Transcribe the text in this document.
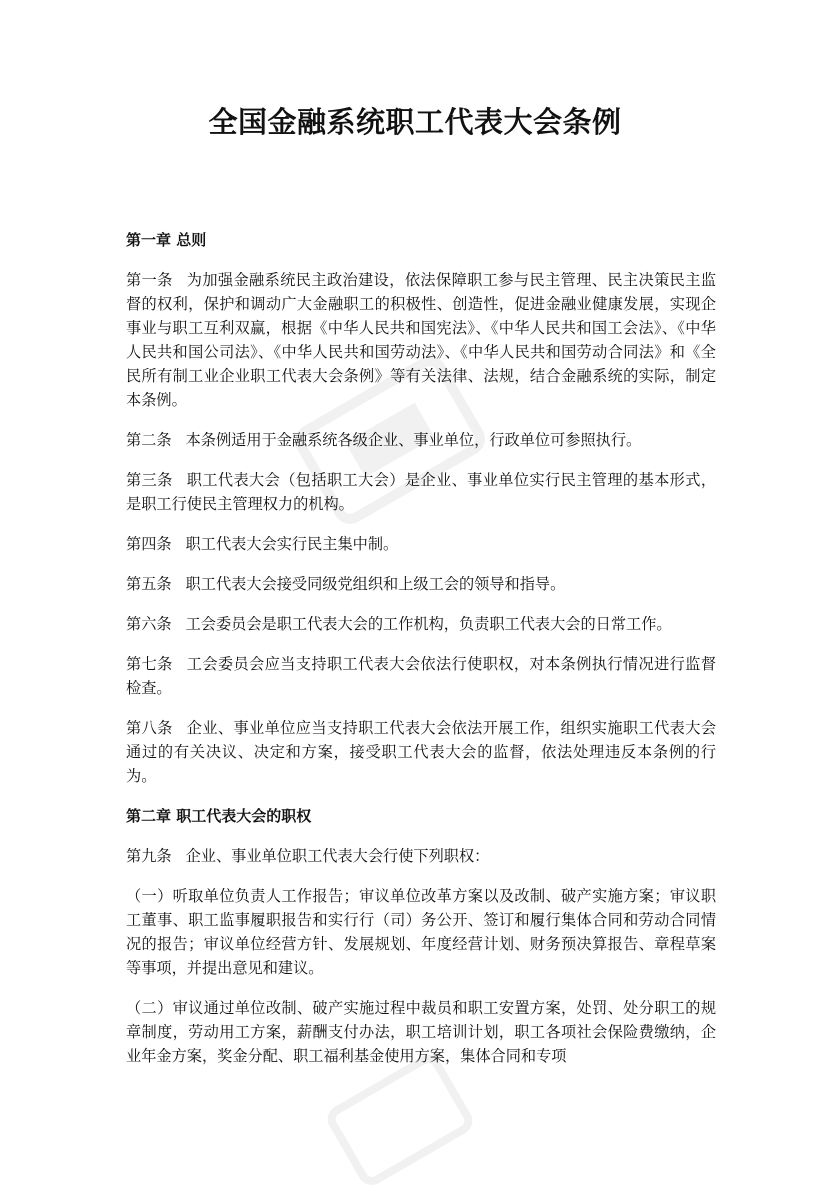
全国金融系统职工代表大会条例
第一章 总则

第一条 为加强金融系统民主政治建设，依法保障职工参与民主管理、民主决策民主监督的权利，保护和调动广大金融职工的积极性、创造性，促进金融业健康发展，实现企事业与职工互利双赢，根据《中华人民共和国宪法》、《中华人民共和国工会法》、《中华人民共和国公司法》、《中华人民共和国劳动法》、《中华人民共和国劳动合同法》和《全民所有制工业企业职工代表大会条例》等有关法律、法规，结合金融系统的实际，制定本条例。

第二条 本条例适用于金融系统各级企业、事业单位，行政单位可参照执行。

第三条 职工代表大会（包括职工大会）是企业、事业单位实行民主管理的基本形式，是职工行使民主管理权力的机构。

第四条 职工代表大会实行民主集中制。

第五条 职工代表大会接受同级党组织和上级工会的领导和指导。

第六条 工会委员会是职工代表大会的工作机构，负责职工代表大会的日常工作。

第七条 工会委员会应当支持职工代表大会依法行使职权，对本条例执行情况进行监督检查。

第八条 企业、事业单位应当支持职工代表大会依法开展工作，组织实施职工代表大会通过的有关决议、决定和方案，接受职工代表大会的监督，依法处理违反本条例的行为。

第二章 职工代表大会的职权

第九条 企业、事业单位职工代表大会行使下列职权：

（一）听取单位负责人工作报告；审议单位改革方案以及改制、破产实施方案；审议职工董事、职工监事履职报告和实行行（司）务公开、签订和履行集体合同和劳动合同情况的报告；审议单位经营方针、发展规划、年度经营计划、财务预决算报告、章程草案等事项，并提出意见和建议。

（二）审议通过单位改制、破产实施过程中裁员和职工安置方案，处罚、处分职工的规章制度，劳动用工方案，薪酬支付办法，职工培训计划，职工各项社会保险费缴纳，企业年金方案，奖金分配、职工福利基金使用方案，集体合同和专项
